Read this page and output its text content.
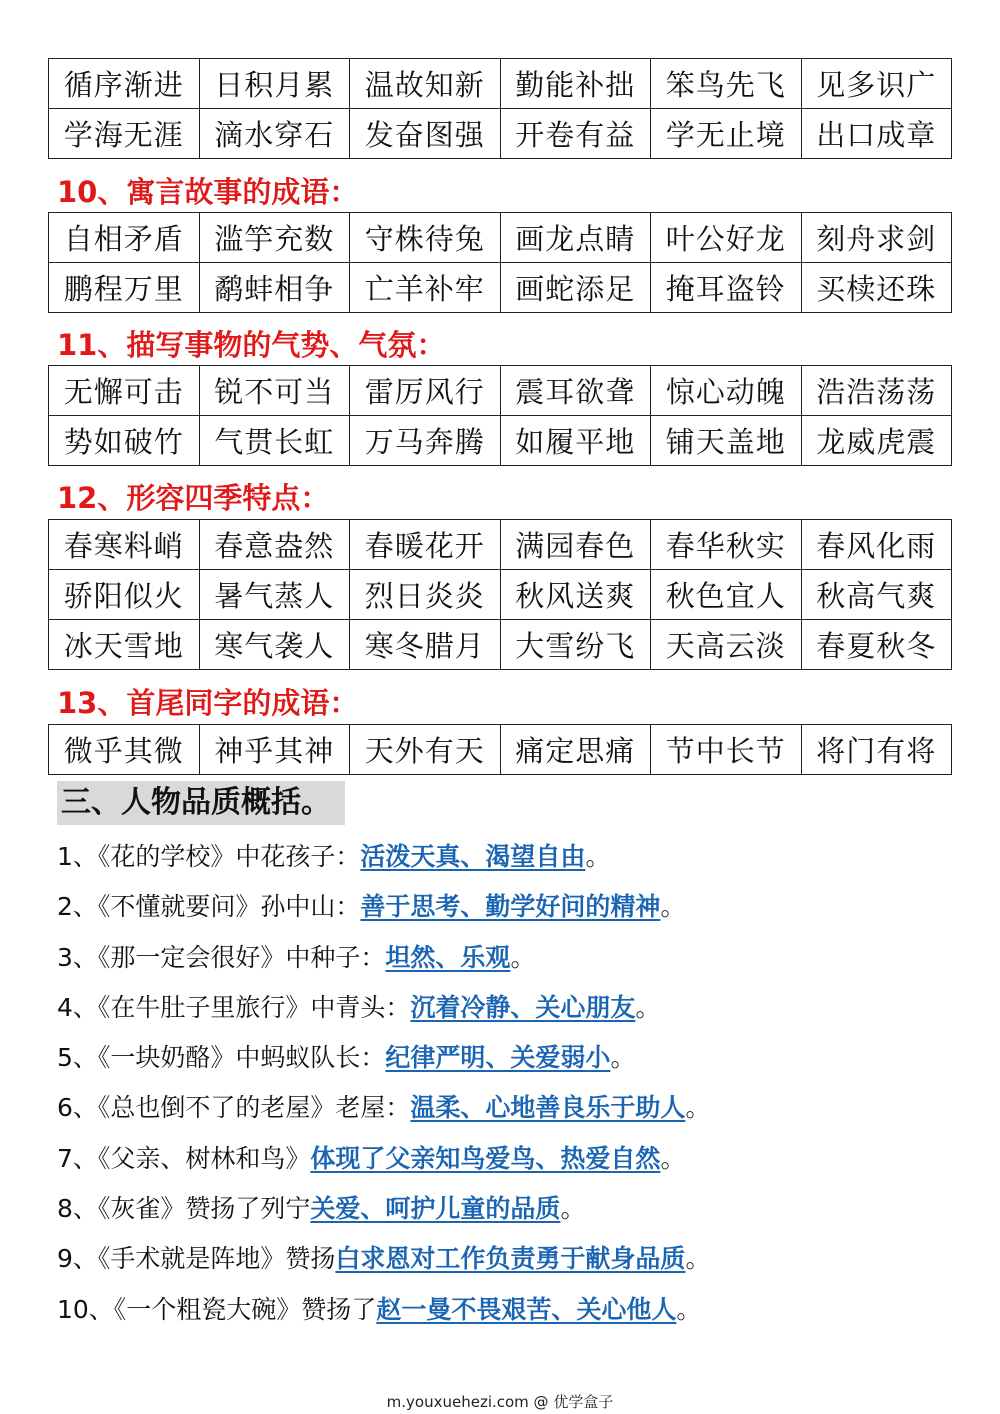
循序渐进	日积月累	温故知新	勤能补拙	笨鸟先飞	见多识广
学海无涯	滴水穿石	发奋图强	开卷有益	学无止境	出口成章
10、寓言故事的成语：
自相矛盾	滥竽充数	守株待兔	画龙点睛	叶公好龙	刻舟求剑
鹏程万里	鹬蚌相争	亡羊补牢	画蛇添足	掩耳盗铃	买椟还珠
11、描写事物的气势、气氛：
无懈可击	锐不可当	雷厉风行	震耳欲聋	惊心动魄	浩浩荡荡
势如破竹	气贯长虹	万马奔腾	如履平地	铺天盖地	龙威虎震
12、形容四季特点：
春寒料峭	春意盎然	春暖花开	满园春色	春华秋实	春风化雨
骄阳似火	暑气蒸人	烈日炎炎	秋风送爽	秋色宜人	秋高气爽
冰天雪地	寒气袭人	寒冬腊月	大雪纷飞	天高云淡	春夏秋冬
13、首尾同字的成语：
微乎其微	神乎其神	天外有天	痛定思痛	节中长节	将门有将
三、人物品质概括。
1、《花的学校》中花孩子：活泼天真、渴望自由。
2、《不懂就要问》孙中山：善于思考、勤学好问的精神。
3、《那一定会很好》中种子：坦然、乐观。
4、《在牛肚子里旅行》中青头：沉着冷静、关心朋友。
5、《一块奶酪》中蚂蚁队长：纪律严明、关爱弱小。
6、《总也倒不了的老屋》老屋：温柔、心地善良乐于助人。
7、《父亲、树林和鸟》体现了父亲知鸟爱鸟、热爱自然。
8、《灰雀》赞扬了列宁关爱、呵护儿童的品质。
9、《手术就是阵地》赞扬白求恩对工作负责勇于献身品质。
10、《一个粗瓷大碗》赞扬了赵一曼不畏艰苦、关心他人。
m.youxuehezi.com @ 优学盒子
